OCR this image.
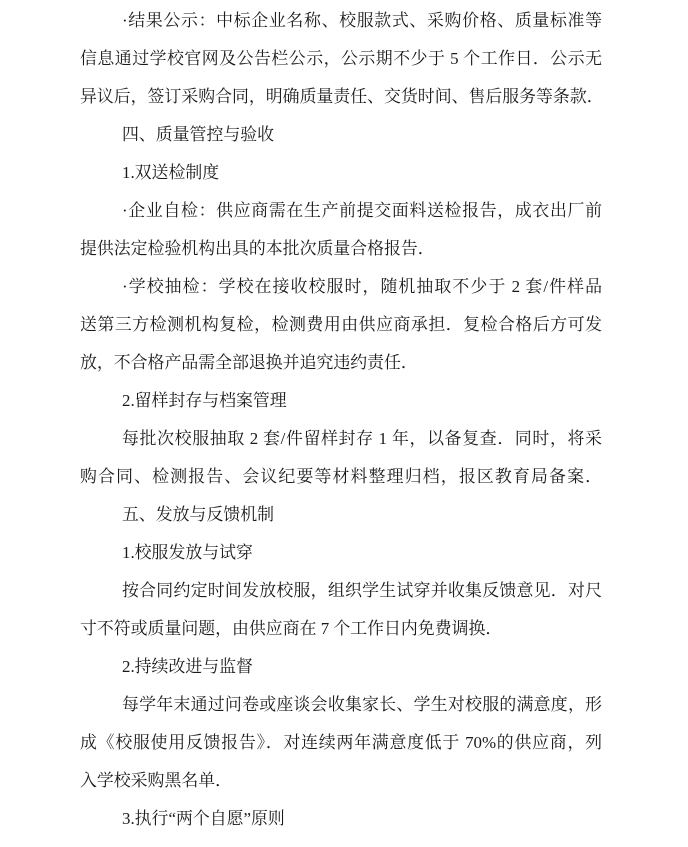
·结果公示：中标企业名称、校服款式、采购价格、质量标准等
信息通过学校官网及公告栏公示，公示期不少于 5 个工作日．公示无
异议后，签订采购合同，明确质量责任、交货时间、售后服务等条款．
四、质量管控与验收
1.双送检制度
·企业自检：供应商需在生产前提交面料送检报告，成衣出厂前
提供法定检验机构出具的本批次质量合格报告．
·学校抽检：学校在接收校服时，随机抽取不少于 2 套/件样品
送第三方检测机构复检，检测费用由供应商承担．复检合格后方可发
放，不合格产品需全部退换并追究违约责任．
2.留样封存与档案管理
每批次校服抽取 2 套/件留样封存 1 年，以备复查．同时，将采
购合同、检测报告、会议纪要等材料整理归档，报区教育局备案．
五、发放与反馈机制
1.校服发放与试穿
按合同约定时间发放校服，组织学生试穿并收集反馈意见．对尺
寸不符或质量问题，由供应商在 7 个工作日内免费调换．
2.持续改进与监督
每学年末通过问卷或座谈会收集家长、学生对校服的满意度，形
成《校服使用反馈报告》．对连续两年满意度低于 70%的供应商，列
入学校采购黑名单．
3.执行“两个自愿”原则
